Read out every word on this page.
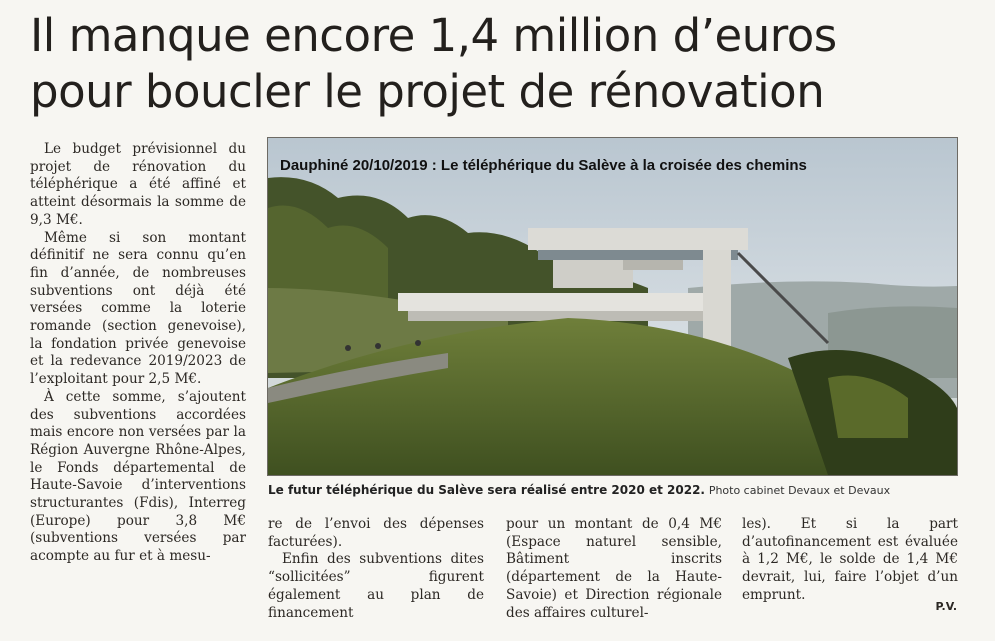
Il manque encore 1,4 million d’euros
pour boucler le projet de rénovation

Le budget prévisionnel du projet de rénovation du téléphérique a été affiné et atteint désormais la somme de 9,3 M€.

Même si son montant définitif ne sera connu qu’en fin d’année, de nombreuses subventions ont déjà été versées comme la loterie romande (section genevoise), la fondation privée genevoise et la redevance 2019/2023 de l’exploitant pour 2,5 M€.

À cette somme, s’ajoutent des subventions accordées mais encore non versées par la Région Auvergne Rhône-Alpes, le Fonds départemental de Haute-Savoie d’interventions structurantes (Fdis), Interreg (Europe) pour 3,8 M€ (subventions versées par acompte au fur et à mesu-

Dauphiné 20/10/2019 : Le téléphérique du Salève à la croisée des chemins
Le futur téléphérique du Salève sera réalisé entre 2020 et 2022. Photo cabinet Devaux et Devaux

re de l’envoi des dépenses facturées).

Enfin des subventions dites “sollicitées” figurent également au plan de financement

pour un montant de 0,4 M€ (Espace naturel sensible, Bâtiment inscrits (département de la Haute-Savoie) et Direction régionale des affaires culturel-

les). Et si la part d’autofinancement est évaluée à 1,2 M€, le solde de 1,4 M€ devrait, lui, faire l’objet d’un emprunt.

P.V.
